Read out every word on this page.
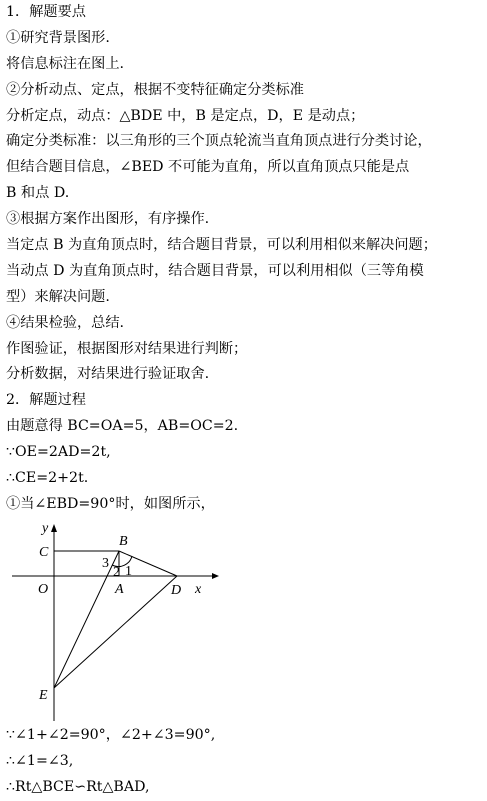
1．解题要点
①研究背景图形.
将信息标注在图上.
②分析动点、定点，根据不变特征确定分类标准
分析定点，动点：△BDE 中，B 是定点，D，E 是动点；
确定分类标准：以三角形的三个顶点轮流当直角顶点进行分类讨论，
但结合题目信息，∠BED 不可能为直角，所以直角顶点只能是点
B 和点 D.
③根据方案作出图形，有序操作.
当定点 B 为直角顶点时，结合题目背景，可以利用相似来解决问题；
当动点 D 为直角顶点时，结合题目背景，可以利用相似（三等角模
型）来解决问题.
④结果检验，总结.
作图验证，根据图形对结果进行判断；
分析数据，对结果进行验证取舍.
2．解题过程
由题意得 BC=OA=5，AB=OC=2.
∵OE=2AD=2t,
∴CE=2+2t.
①当∠EBD=90°时，如图所示，
y
x
C
B
O	A	D
E
1
2
3
∵∠1+∠2=90°，∠2+∠3=90°,
∴∠1=∠3,
∴Rt△BCE∽Rt△BAD,
